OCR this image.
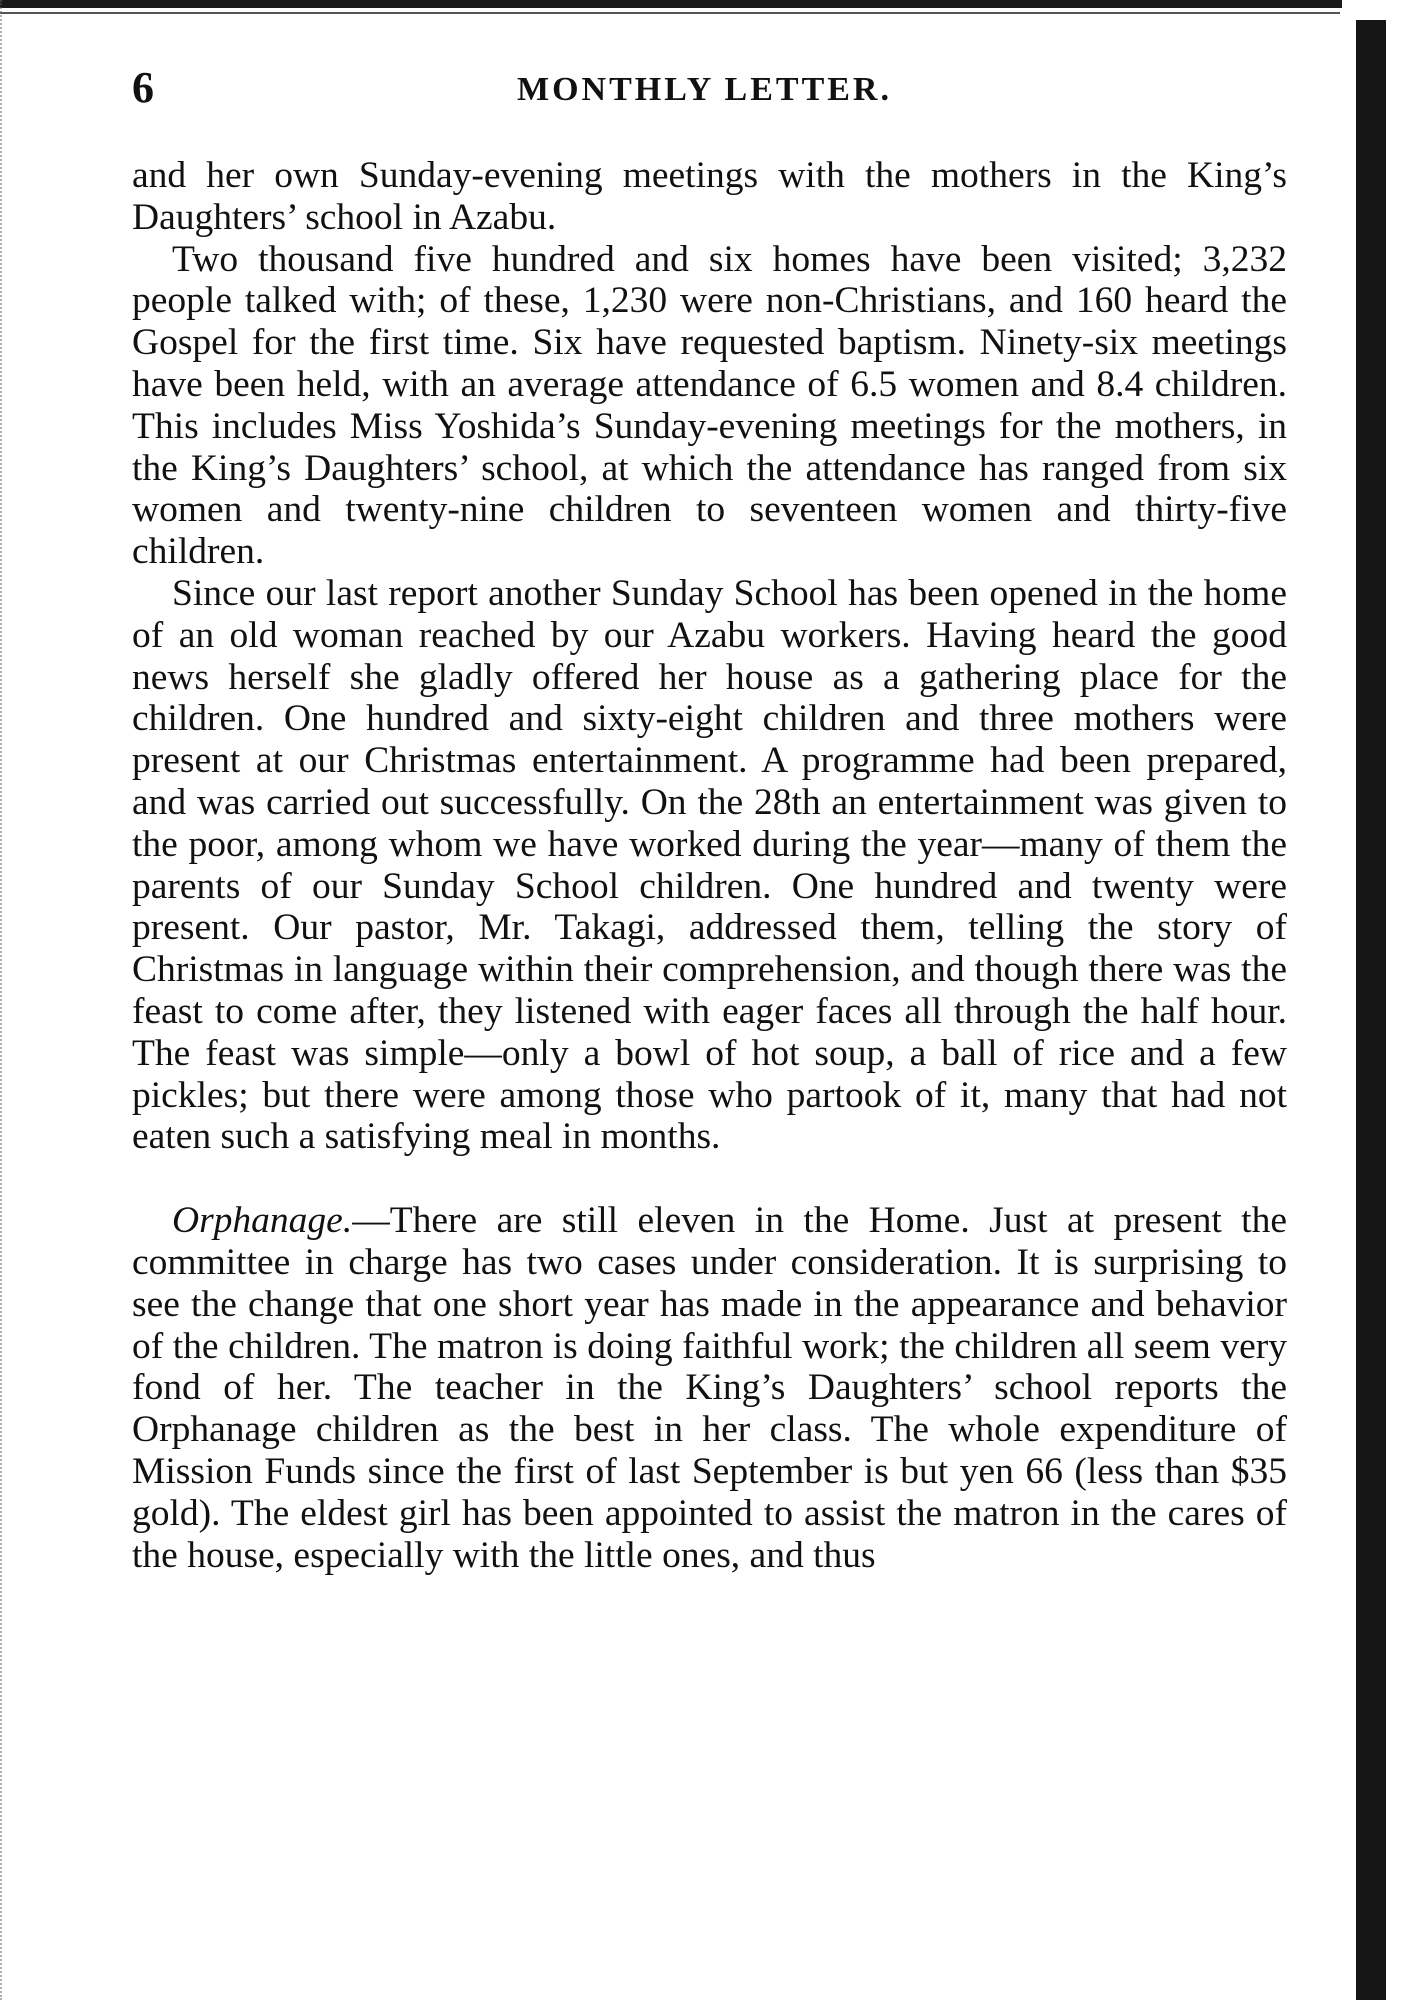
6	MONTHLY LETTER.

and her own Sunday-evening meetings with the mothers in the King’s Daughters’ school in Azabu.

Two thousand five hundred and six homes have been visited; 3,232 people talked with; of these, 1,230 were non-Christians, and 160 heard the Gospel for the first time. Six have requested baptism. Ninety-six meetings have been held, with an average attendance of 6.5 women and 8.4 children. This includes Miss Yoshida’s Sunday-evening meetings for the mothers, in the King’s Daughters’ school, at which the attendance has ranged from six women and twenty-nine children to seventeen women and thirty-five children.

Since our last report another Sunday School has been opened in the home of an old woman reached by our Azabu workers. Having heard the good news herself she gladly offered her house as a gathering place for the children. One hundred and sixty-eight children and three mothers were present at our Christmas entertainment. A programme had been prepared, and was carried out successfully. On the 28th an entertainment was given to the poor, among whom we have worked during the year—many of them the parents of our Sunday School children. One hundred and twenty were present. Our pastor, Mr. Takagi, addressed them, telling the story of Christmas in language within their comprehension, and though there was the feast to come after, they listened with eager faces all through the half hour. The feast was simple—only a bowl of hot soup, a ball of rice and a few pickles; but there were among those who partook of it, many that had not eaten such a satisfying meal in months.

Orphanage.—There are still eleven in the Home. Just at present the committee in charge has two cases under consideration. It is surprising to see the change that one short year has made in the appearance and behavior of the children. The matron is doing faithful work; the children all seem very fond of her. The teacher in the King’s Daughters’ school reports the Orphanage children as the best in her class. The whole expenditure of Mission Funds since the first of last September is but yen 66 (less than $35 gold). The eldest girl has been appointed to assist the matron in the cares of the house, especially with the little ones, and thus
